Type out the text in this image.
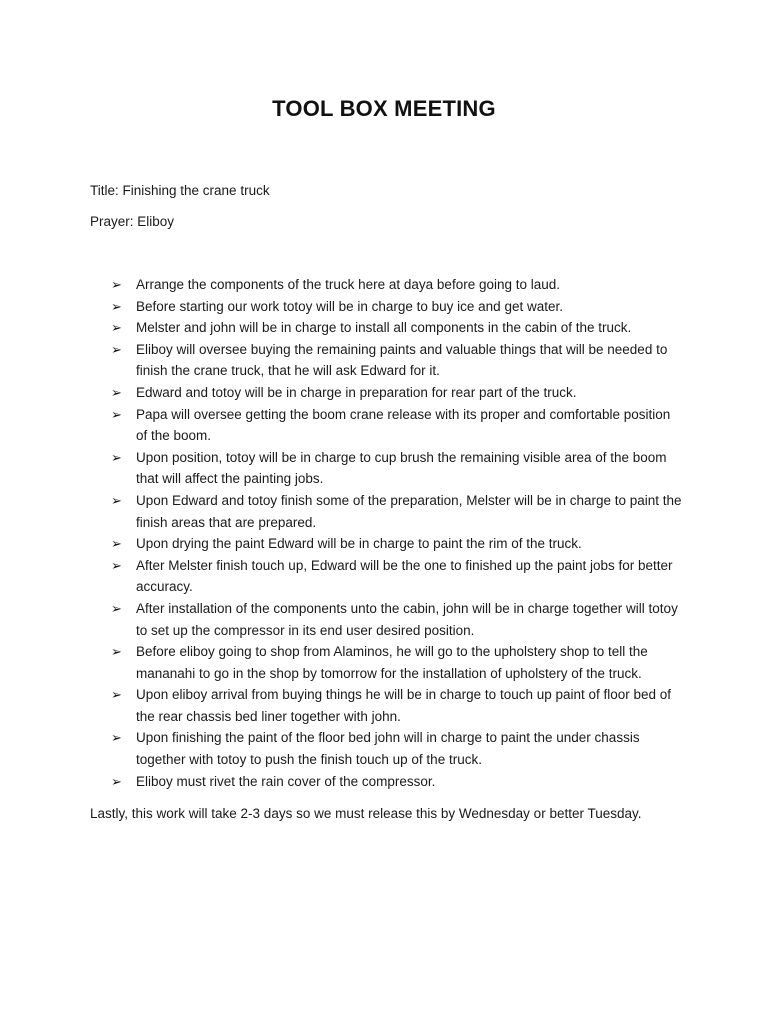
TOOL BOX MEETING
Title: Finishing the crane truck
Prayer: Eliboy
➢	Arrange the components of the truck here at daya before going to laud.
➢	Before starting our work totoy will be in charge to buy ice and get water.
➢	Melster and john will be in charge to install all components in the cabin of the truck.
➢	Eliboy will oversee buying the remaining paints and valuable things that will be needed to finish the crane truck, that he will ask Edward for it.
➢	Edward and totoy will be in charge in preparation for rear part of the truck.
➢	Papa will oversee getting the boom crane release with its proper and comfortable position of the boom.
➢	Upon position, totoy will be in charge to cup brush the remaining visible area of the boom that will affect the painting jobs.
➢	Upon Edward and totoy finish some of the preparation, Melster will be in charge to paint the finish areas that are prepared.
➢	Upon drying the paint Edward will be in charge to paint the rim of the truck.
➢	After Melster finish touch up, Edward will be the one to finished up the paint jobs for better accuracy.
➢	After installation of the components unto the cabin, john will be in charge together will totoy to set up the compressor in its end user desired position.
➢	Before eliboy going to shop from Alaminos, he will go to the upholstery shop to tell the mananahi to go in the shop by tomorrow for the installation of upholstery of the truck.
➢	Upon eliboy arrival from buying things he will be in charge to touch up paint of floor bed of the rear chassis bed liner together with john.
➢	Upon finishing the paint of the floor bed john will in charge to paint the under chassis together with totoy to push the finish touch up of the truck.
➢	Eliboy must rivet the rain cover of the compressor.
Lastly, this work will take 2-3 days so we must release this by Wednesday or better Tuesday.
